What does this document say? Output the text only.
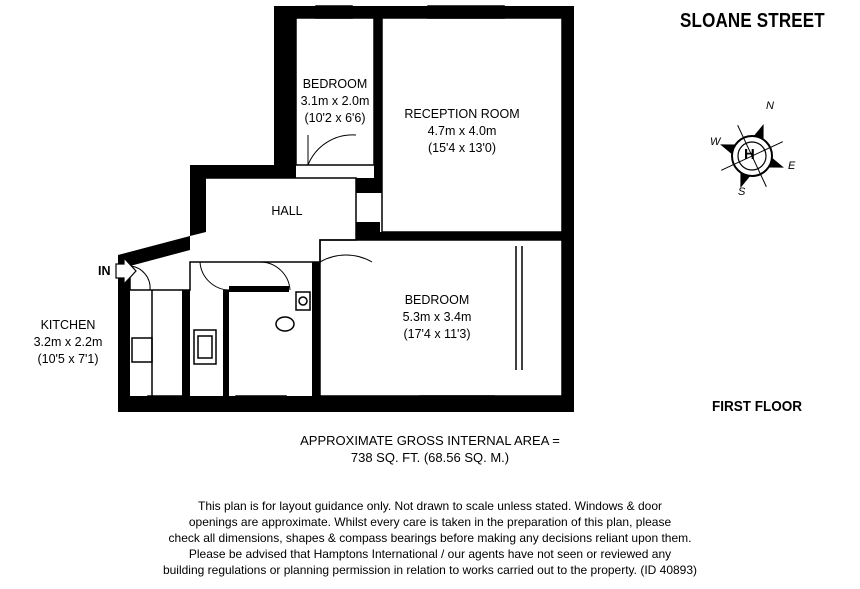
SLOANE STREET
FIRST FLOOR
H
N
E
S
W
BEDROOM
3.1m x 2.0m
(10'2 x 6'6)	RECEPTION ROOM
4.7m x 4.0m
(15'4 x 13'0)
HALL
BEDROOM
5.3m x 3.4m
(17'4 x 11'3)
KITCHEN
3.2m x 2.2m
(10'5 x 7'1)
IN
APPROXIMATE GROSS INTERNAL AREA =
738 SQ. FT. (68.56 SQ. M.)
This plan is for layout guidance only. Not drawn to scale unless stated. Windows & door
openings are approximate. Whilst every care is taken in the preparation of this plan, please
check all dimensions, shapes & compass bearings before making any decisions reliant upon them.
Please be advised that Hamptons International / our agents have not seen or reviewed any
building regulations or planning permission in relation to works carried out to the property. (ID 40893)
